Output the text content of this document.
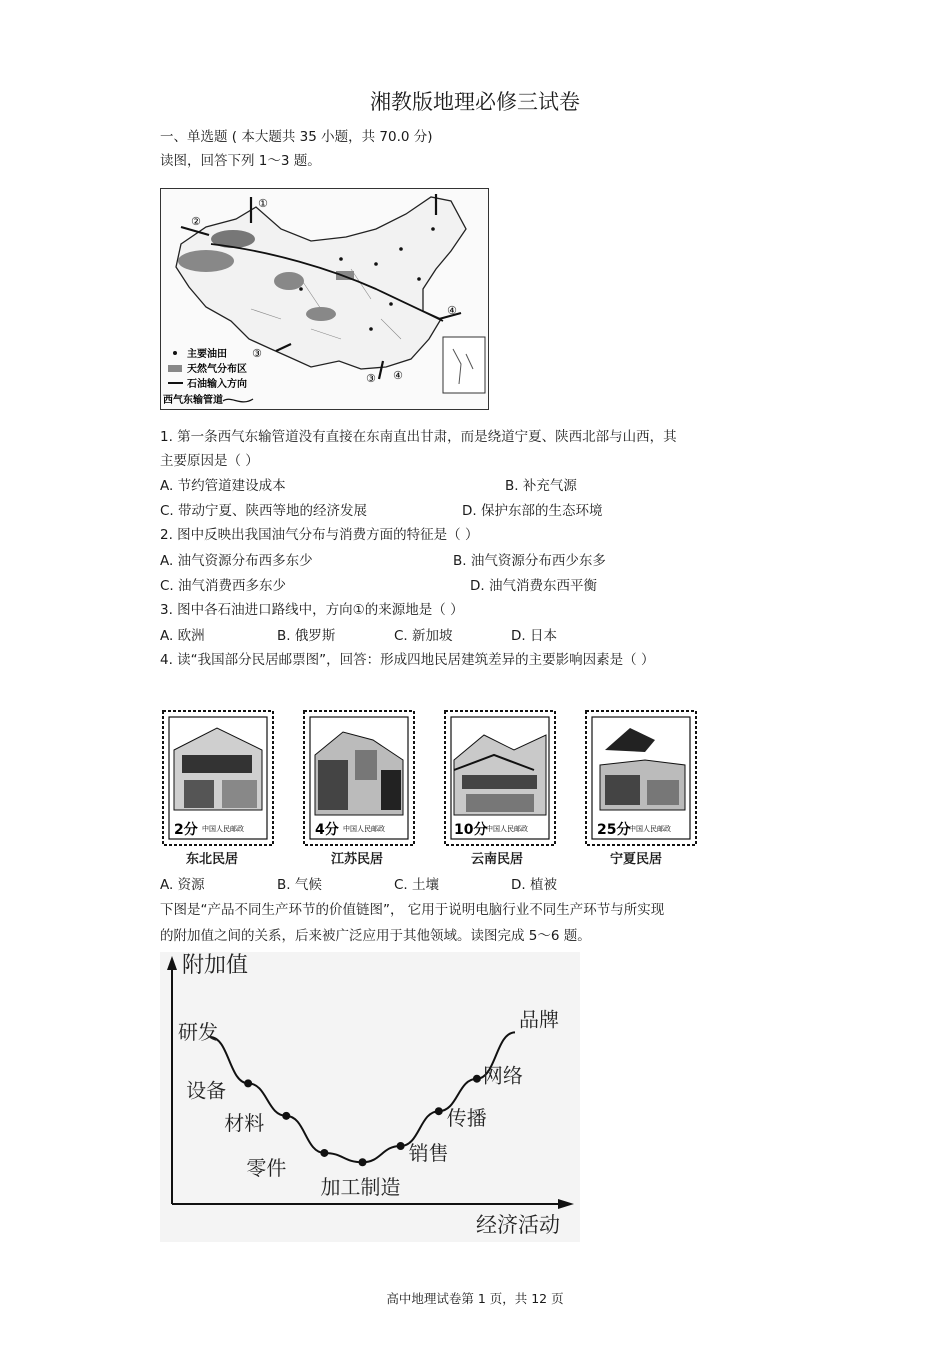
湘教版地理必修三试卷
一、单选题 ( 本大题共 35 小题，共 70.0 分)
读图，回答下列 1～3 题。
①
②
③
③
④
④
主要油田
天然气分布区
石油输入方向
西气东输管道
1. 第一条西气东输管道没有直接在东南直出甘肃，而是绕道宁夏、陕西北部与山西，其
主要原因是（ ）
A. 节约管道建设成本	B. 补充气源
C. 带动宁夏、陕西等地的经济发展	D. 保护东部的生态环境
2. 图中反映出我国油气分布与消费方面的特征是（ ）
A. 油气资源分布西多东少	B. 油气资源分布西少东多
C. 油气消费西多东少	D. 油气消费东西平衡
3. 图中各石油进口路线中，方向①的来源地是（ ）
A. 欧洲	B. 俄罗斯	C. 新加坡	D. 日本
4. 读“我国部分民居邮票图”，回答：形成四地民居建筑差异的主要影响因素是（ ）
2分 中国人民邮政	4分 中国人民邮政	10分
中国人民邮政	25分
中国人民邮政
东北民居	江苏民居	云南民居	宁夏民居
A. 资源	B. 气候	C. 土壤	D. 植被
下图是“产品不同生产环节的价值链图”， 它用于说明电脑行业不同生产环节与所实现
的附加值之间的关系，后来被广泛应用于其他领域。读图完成 5～6 题。
附加值
经济活动
研发
设备
材料
零件
加工制造
销售
传播
网络
品牌
高中地理试卷第 1 页，共 12 页
